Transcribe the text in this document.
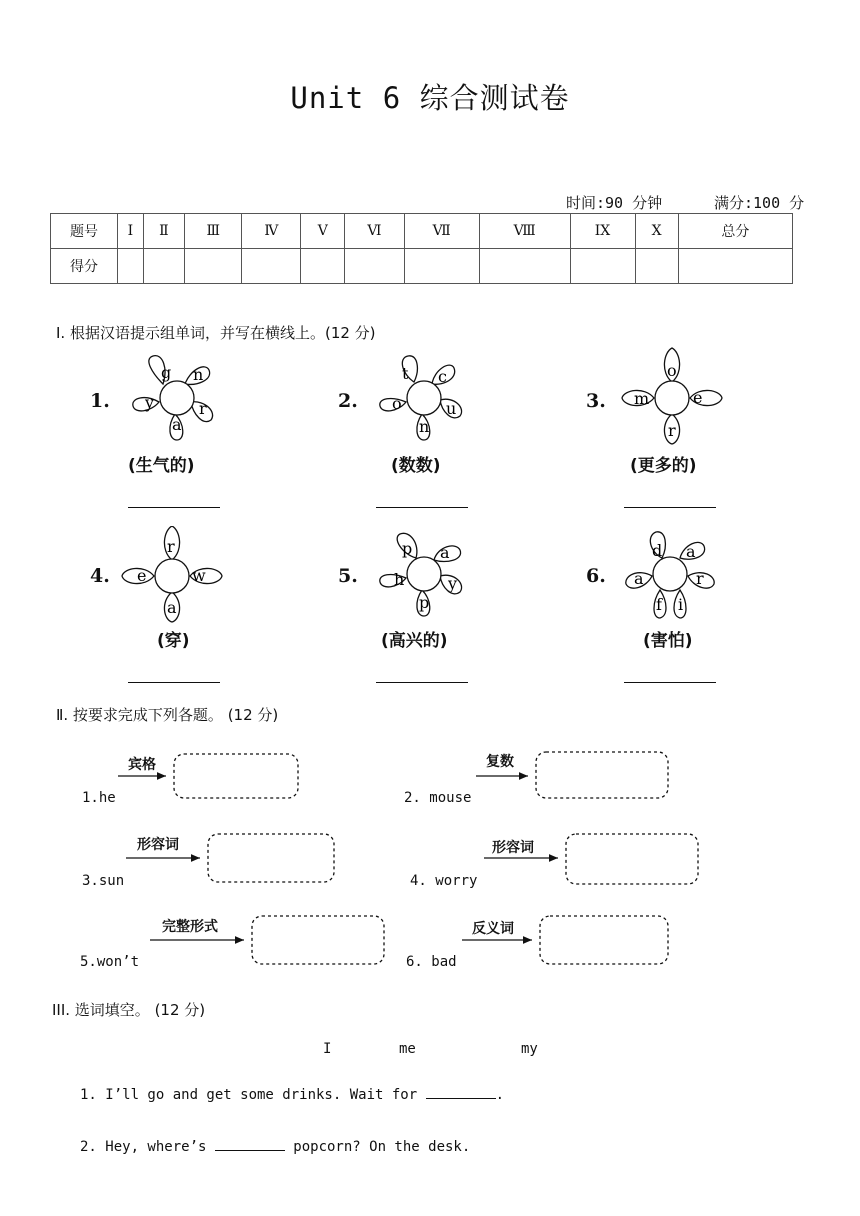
Unit 6 综合测试卷
时间:90 分钟	满分:100 分
题号	Ⅰ	Ⅱ	Ⅲ	Ⅳ	Ⅴ	Ⅵ	Ⅶ	Ⅷ	ⅠX	X	总分
得分											
Ⅰ. 根据汉语提示组单词，并写在横线上。(12 分)
1.
g n
r
a
y
(生气的)
2.
t c
u
n
o
(数数)
3.
o
e
r
m
(更多的)
4.
r
w
a
e
(穿)
5.
p a
y
p
h
(高兴的)
6.
d a
r
i
f
a
(害怕)
Ⅱ. 按要求完成下列各题。 (12 分)
宾格
1.he
复数
2. mouse
形容词
3.sun
形容词
4. worry
完整形式
5.won’t
反义词
6. bad
III. 选词填空。 (12 分)
I	me	my
1. I’ll go and get some drinks. Wait for	.
2. Hey, where’s	popcorn? On the desk.
